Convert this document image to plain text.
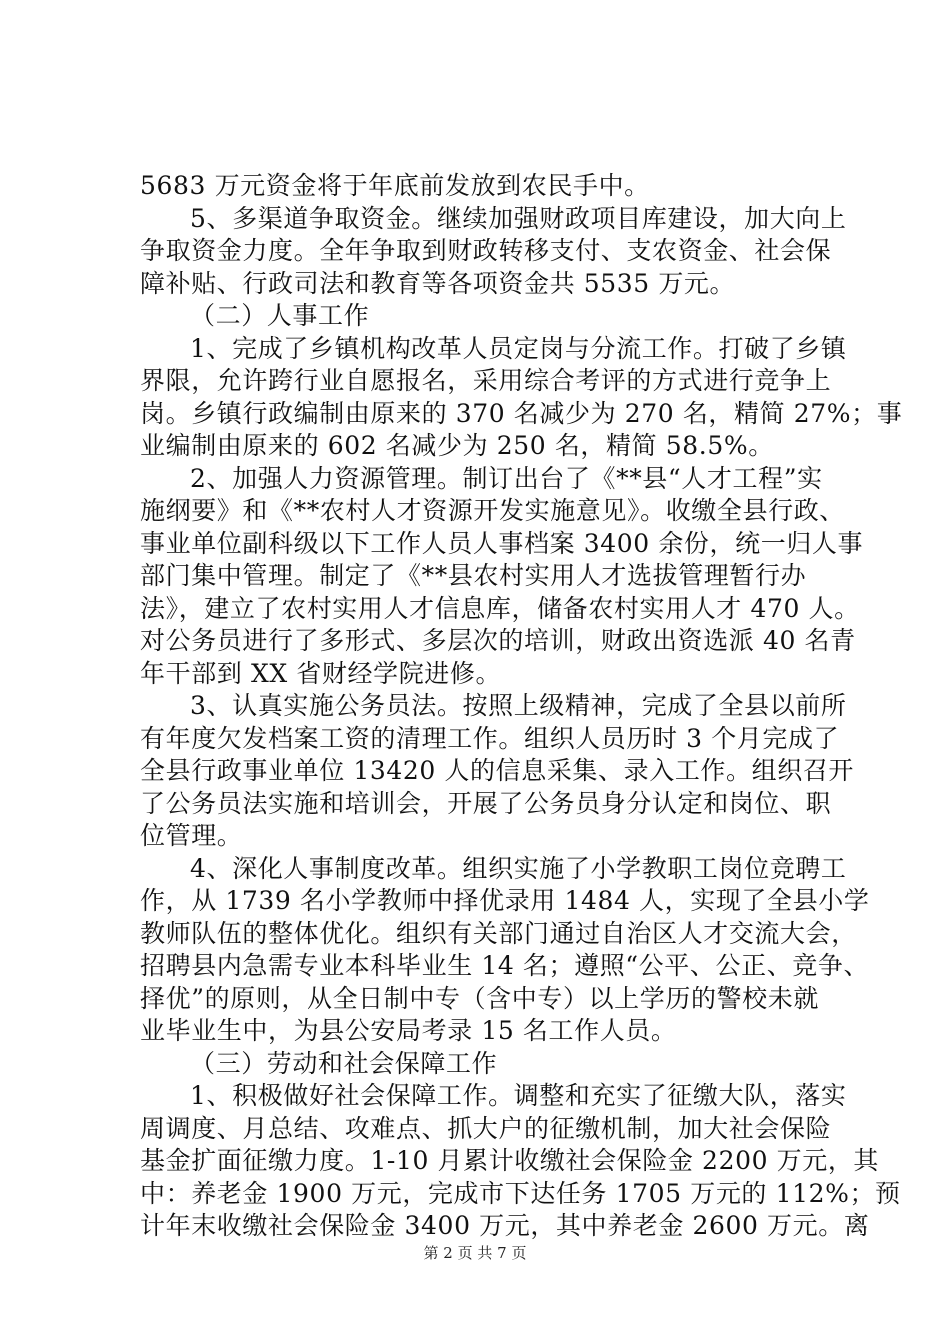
5683 万元资金将于年底前发放到农民手中。
5、多渠道争取资金。继续加强财政项目库建设，加大向上
争取资金力度。全年争取到财政转移支付、支农资金、社会保
障补贴、行政司法和教育等各项资金共 5535 万元。
（二）人事工作
1、完成了乡镇机构改革人员定岗与分流工作。打破了乡镇
界限，允许跨行业自愿报名，采用综合考评的方式进行竞争上
岗。乡镇行政编制由原来的 370 名减少为 270 名，精简 27%；事
业编制由原来的 602 名减少为 250 名，精简 58.5%。
2、加强人力资源管理。制订出台了《**县“人才工程”实
施纲要》和《**农村人才资源开发实施意见》。收缴全县行政、
事业单位副科级以下工作人员人事档案 3400 余份，统一归人事
部门集中管理。制定了《**县农村实用人才选拔管理暂行办
法》，建立了农村实用人才信息库，储备农村实用人才 470 人。
对公务员进行了多形式、多层次的培训，财政出资选派 40 名青
年干部到 XX 省财经学院进修。
3、认真实施公务员法。按照上级精神，完成了全县以前所
有年度欠发档案工资的清理工作。组织人员历时 3 个月完成了
全县行政事业单位 13420 人的信息采集、录入工作。组织召开
了公务员法实施和培训会，开展了公务员身分认定和岗位、职
位管理。
4、深化人事制度改革。组织实施了小学教职工岗位竞聘工
作，从 1739 名小学教师中择优录用 1484 人，实现了全县小学
教师队伍的整体优化。组织有关部门通过自治区人才交流大会，
招聘县内急需专业本科毕业生 14 名；遵照“公平、公正、竞争、
择优”的原则，从全日制中专（含中专）以上学历的警校未就
业毕业生中，为县公安局考录 15 名工作人员。
（三）劳动和社会保障工作
1、积极做好社会保障工作。调整和充实了征缴大队，落实
周调度、月总结、攻难点、抓大户的征缴机制，加大社会保险
基金扩面征缴力度。1-10 月累计收缴社会保险金 2200 万元，其
中：养老金 1900 万元，完成市下达任务 1705 万元的 112%；预
计年末收缴社会保险金 3400 万元，其中养老金 2600 万元。离
第 2 页 共 7 页
